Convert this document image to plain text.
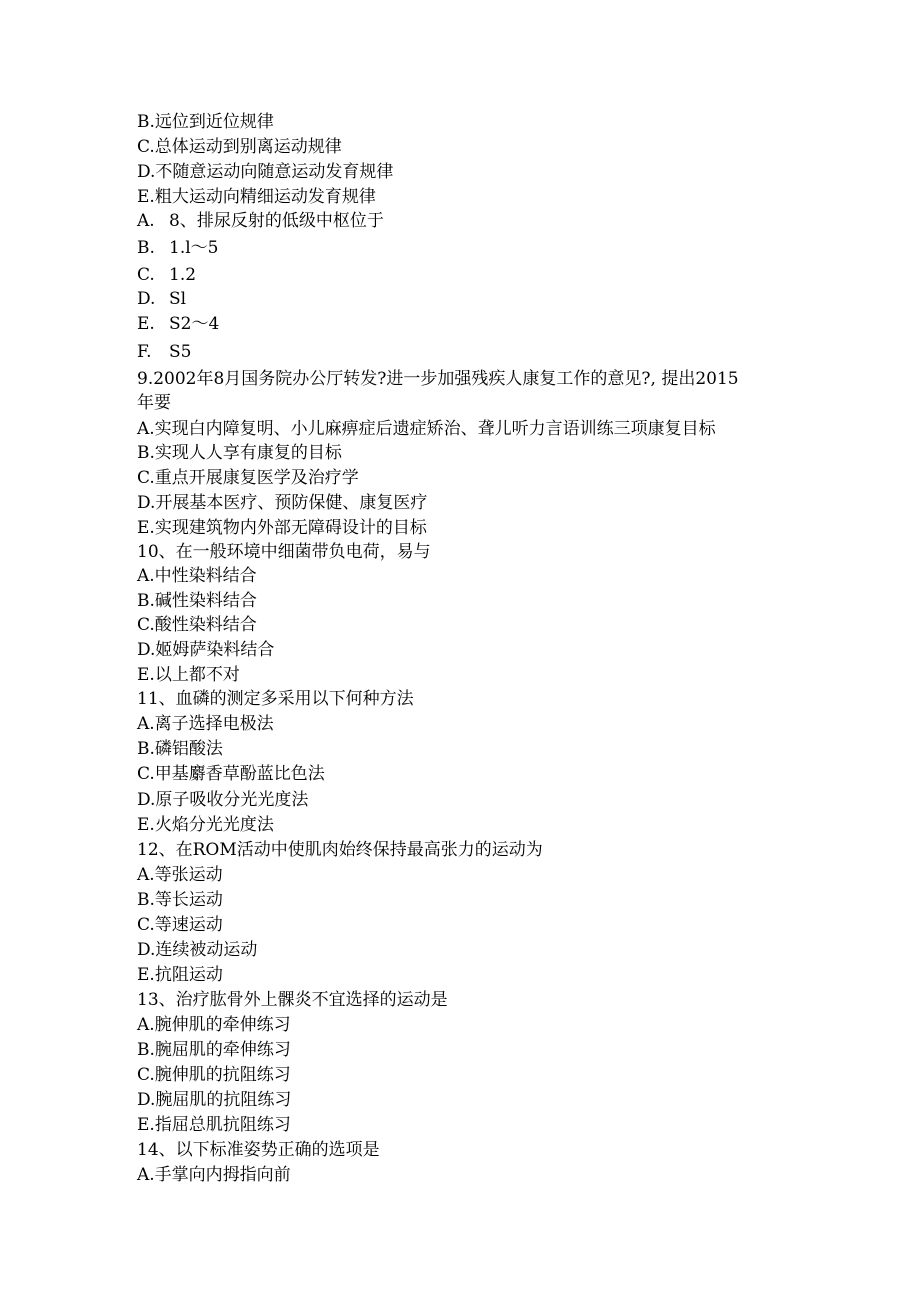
B.远位到近位规律
C.总体运动到别离运动规律
D.不随意运动向随意运动发育规律
E.粗大运动向精细运动发育规律
A. 8、排尿反射的低级中枢位于
B. 1.l～5
C. 1.2
D. Sl
E. S2～4
F. S5
9.2002年8月国务院办公厅转发?进一步加强残疾人康复工作的意见?, 提出2015
年要
A.实现白内障复明、小儿麻痹症后遗症矫治、聋儿听力言语训练三项康复目标
B.实现人人享有康复的目标
C.重点开展康复医学及治疗学
D.开展基本医疗、预防保健、康复医疗
E.实现建筑物内外部无障碍设计的目标
10、在一般环境中细菌带负电荷，易与
A.中性染料结合
B.碱性染料结合
C.酸性染料结合
D.姬姆萨染料结合
E.以上都不对
11、血磷的测定多采用以下何种方法
A.离子选择电极法
B.磷铝酸法
C.甲基麝香草酚蓝比色法
D.原子吸收分光光度法
E.火焰分光光度法
12、在ROM活动中使肌肉始终保持最高张力的运动为
A.等张运动
B.等长运动
C.等速运动
D.连续被动运动
E.抗阻运动
13、治疗肱骨外上髁炎不宜选择的运动是
A.腕伸肌的牵伸练习
B.腕屈肌的牵伸练习
C.腕伸肌的抗阻练习
D.腕屈肌的抗阻练习
E.指屈总肌抗阻练习
14、以下标准姿势正确的选项是
A.手掌向内拇指向前
